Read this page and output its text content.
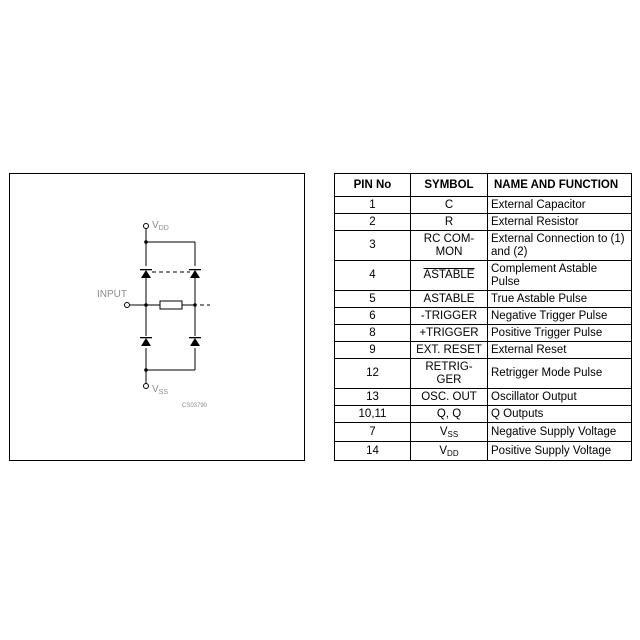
$V_{DD}$
$V_{SS}$
INPUT
CS03790
PIN No	SYMBOL	NAME AND FUNCTION
1	C	External Capacitor
2	R	External Resistor
3	RC COM-MON	External Connection to (1) and (2)
4	ASTABLE	Complement Astable Pulse
5	ASTABLE	True Astable Pulse
6	-TRIGGER	Negative Trigger Pulse
8	+TRIGGER	Positive Trigger Pulse
9	EXT. RESET	External Reset
12	RETRIG-GER	Retrigger Mode Pulse
13	OSC. OUT	Oscillator Output
10,11	Q, Q	Q Outputs
7	$V_{SS}$	Negative Supply Voltage
14	$V_{DD}$	Positive Supply Voltage
